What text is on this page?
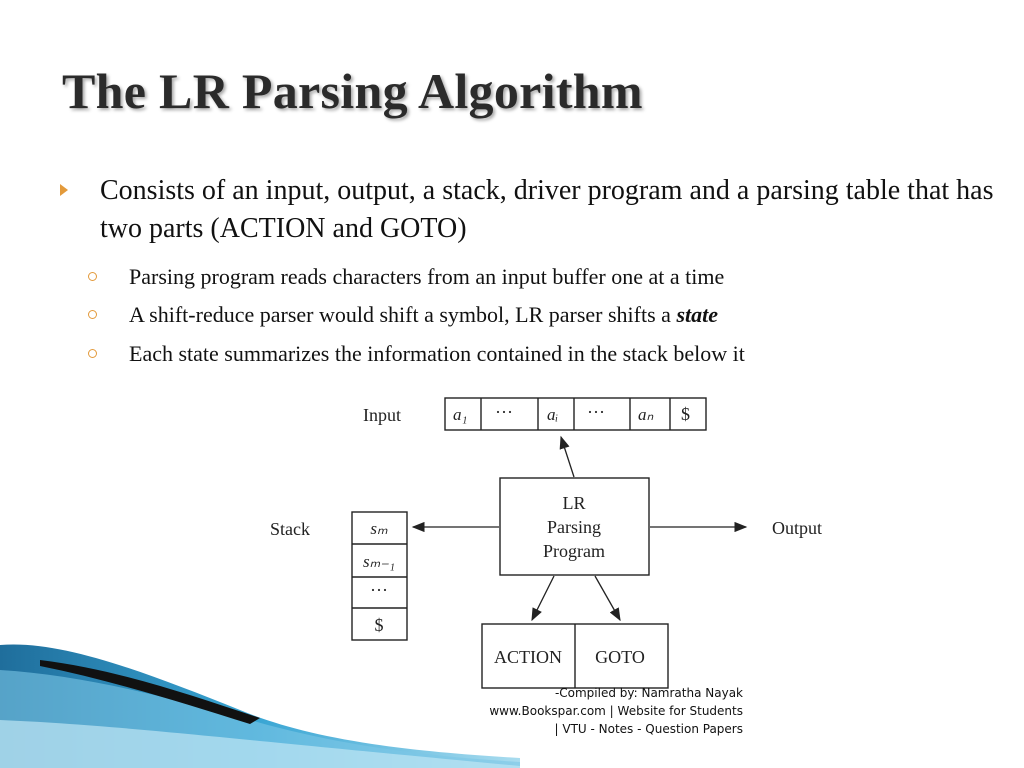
The LR Parsing Algorithm
Consists of an input, output, a stack, driver program and a parsing table that has two parts (ACTION and GOTO)
Parsing program reads characters from an input buffer one at a time
A shift-reduce parser would shift a symbol, LR parser shifts a state
Each state summarizes the information contained in the stack below it
Input	a₁ ··· aᵢ ··· aₙ $
LR
Parsing
Program
Stack	sₘ
sₘ₋₁
···
$
Output
ACTION GOTO
-Compiled by: Namratha Nayak www.Bookspar.com | Website for Students | VTU - Notes - Question Papers
